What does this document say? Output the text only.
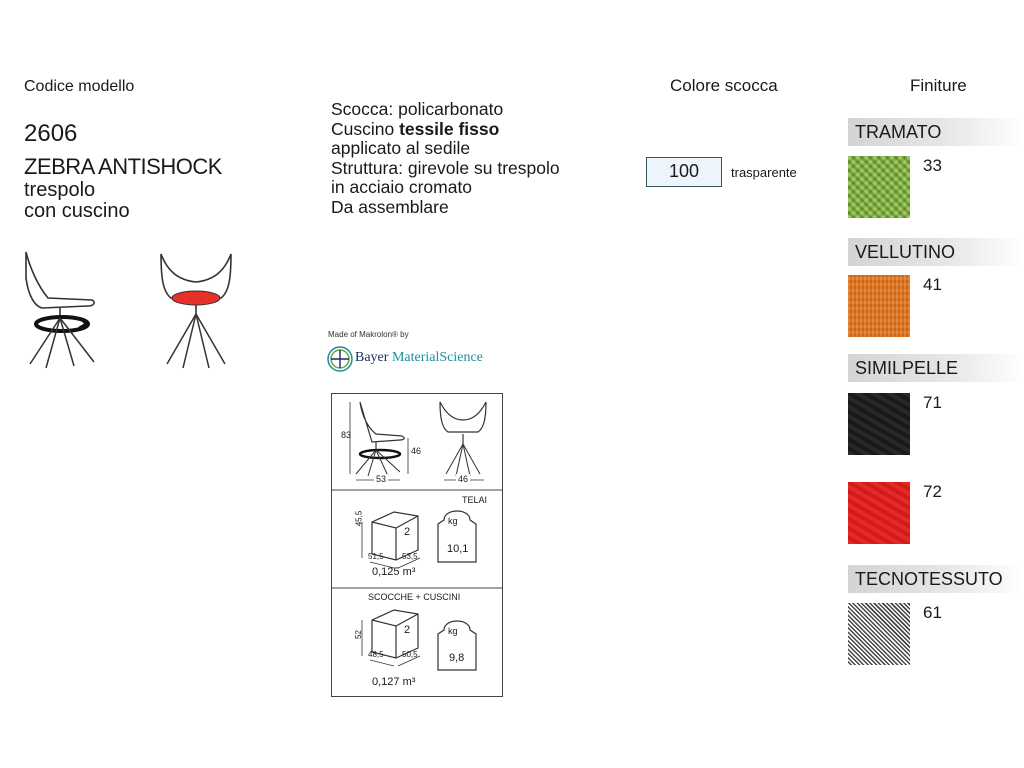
Codice modello
2606
ZEBRA ANTISHOCK
trespolo
con cuscino
Scocca: policarbonato
Cuscino tessile fisso
applicato al sedile
Struttura: girevole su trespolo
in acciaio cromato
Da assemblare
Made of Makrolon® by
Bayer MaterialScience
83
46
53	46
TELAI
2
45,5
51,5 53,5
kg
10,1
0,125 m³
SCOCCHE + CUSCINI
2
52
48,5 50,5
kg
9,8
0,127 m³
Colore scocca
100	trasparente
Finiture
TRAMATO
33
VELLUTINO
41
SIMILPELLE
71
72
TECNOTESSUTO
61
